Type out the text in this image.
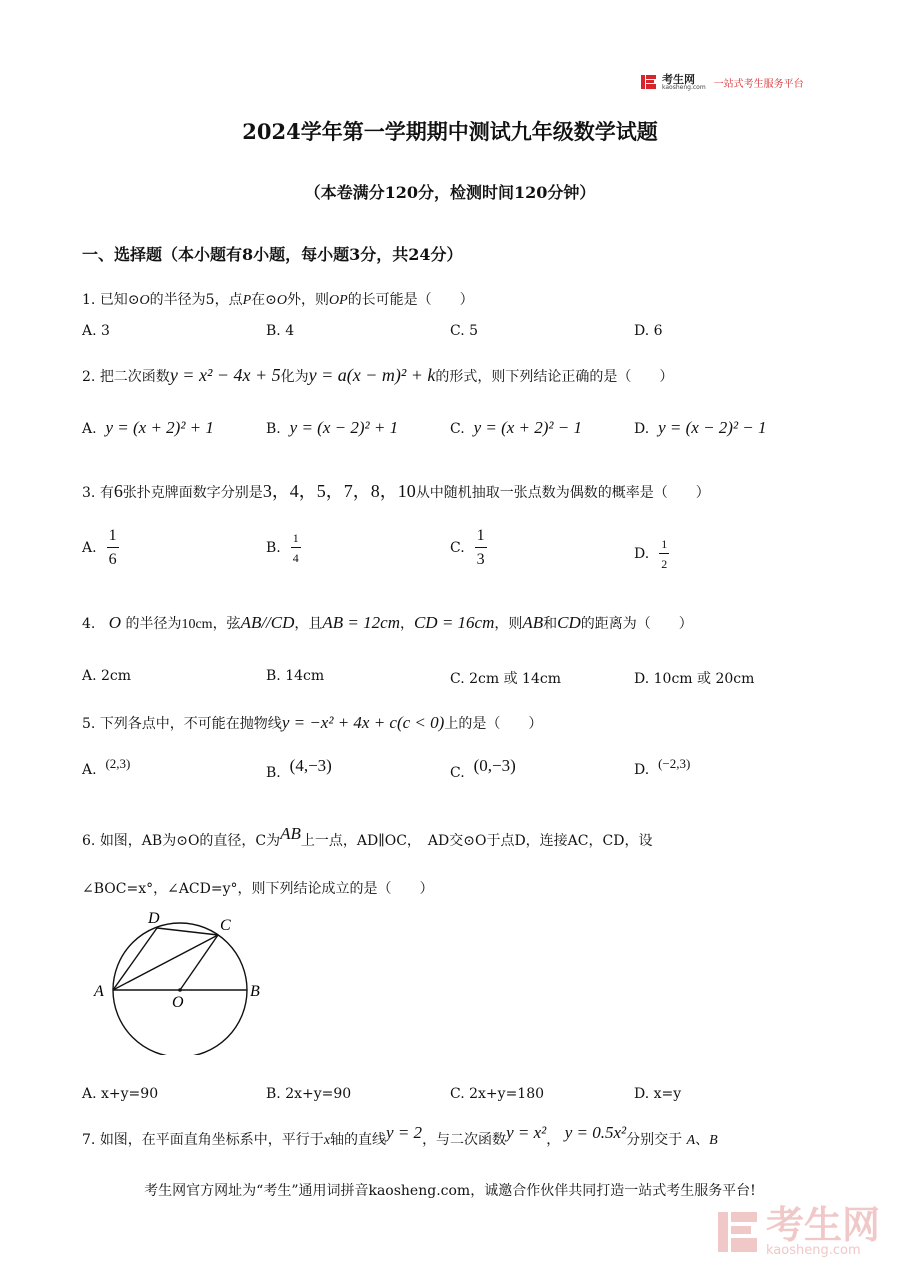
考生网
kaosheng.com 一站式考生服务平台
2024学年第一学期期中测试九年级数学试题
（本卷满分120分，检测时间120分钟）
一、选择题（本小题有8小题，每小题3分，共24分）
1. 已知⊙O的半径为5，点P在⊙O外，则OP的长可能是（　　）
A. 3	B. 4	C. 5	D. 6
2. 把二次函数y = x² − 4x + 5化为y = a(x − m)² + k的形式，则下列结论正确的是（　　）
A. y = (x + 2)² + 1	B. y = (x − 2)² + 1	C. y = (x + 2)² − 1	D. y = (x − 2)² − 1
3. 有6张扑克牌面数字分别是3，4，5，7，8，10从中随机抽取一张点数为偶数的概率是（　　）
A. $\frac{1}{6}$	B. $\frac{1}{4}$	C. $\frac{1}{3}$	D. $\frac{1}{2}$
4. O 的半径为10cm，弦AB//CD，且AB = 12cm，CD = 16cm，则AB和CD的距离为（　　）
A. 2cm	B. 14cm	C. 2cm 或 14cm	D. 10cm 或 20cm
5. 下列各点中，不可能在抛物线y = −x² + 4x + c(c < 0)上的是（　　）
A. (2,3)
B. (4,−3)	C. (0,−3)	D. (−2,3)
6. 如图，AB为⊙O的直径，C为AB上一点，AD∥OC，　AD交⊙O于点D，连接AC，CD，设
∠BOC=x°，∠ACD=y°，则下列结论成立的是（　　）
D	C
A
O
B
A. x+y=90	B. 2x+y=90	C. 2x+y=180	D. x=y
7. 如图，在平面直角坐标系中，平行于x轴的直线y = 2，与二次函数y = x²， y = 0.5x²分别交于 A、B
考生网官方网址为“考生”通用词拼音kaosheng.com，诚邀合作伙伴共同打造一站式考生服务平台!
考生网
kaosheng.com
